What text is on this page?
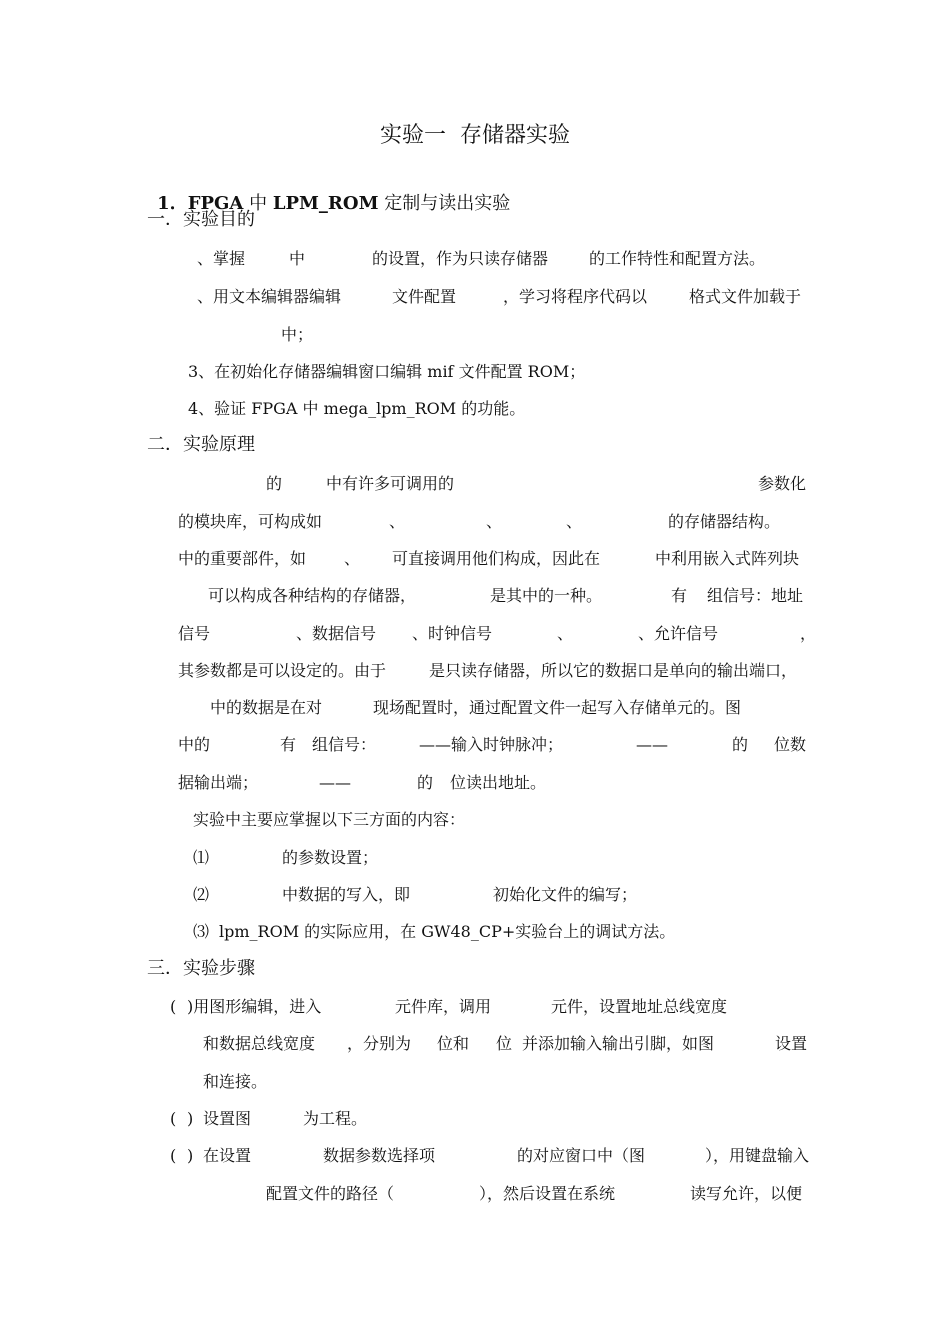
实验一  存储器实验

1．FPGA 中 LPM_ROM 定制与读出实验

一．实验目的
、掌握	中	的设置，作为只读存储器	的工作特性和配置方法。
、用文本编辑器编辑	文件配置	，学习将程序代码以	格式文件加载于
中；
3、在初始化存储器编辑窗口编辑 mif 文件配置 ROM；
4、验证 FPGA 中 mega_lpm_ROM 的功能。
二．实验原理
的	中有许多可调用的	参数化
的模块库，可构成如	、	、	、	的存储器结构。
中的重要部件，如 、 可直接调用他们构成，因此在	中利用嵌入式阵列块
可以构成各种结构的存储器，	是其中的一种。	有 组信号：地址
信号	、数据信号 、时钟信号	、	、允许信号	，
其参数都是可以设定的。由于	是只读存储器，所以它的数据口是单向的输出端口，
中的数据是在对	现场配置时，通过配置文件一起写入存储单元的。图
中的	有 组信号：	——输入时钟脉冲；	——	的 位数
据输出端；	——	的 位读出地址。
实验中主要应掌握以下三方面的内容：
⑴	的参数设置；
⑵	中数据的写入，即	初始化文件的编写；
⑶ lpm_ROM 的实际应用，在 GW48_CP+实验台上的调试方法。
三．实验步骤
( )用图形编辑，进入	元件库，调用	元件，设置地址总线宽度
和数据总线宽度 ，分别为 位和 位 并添加输入输出引脚，如图	设置
和连接。
( ) 设置图	为工程。
( ) 在设置	数据参数选择项	的对应窗口中（图	），用键盘输入
配置文件的路径（	），然后设置在系统	读写允许，以便
